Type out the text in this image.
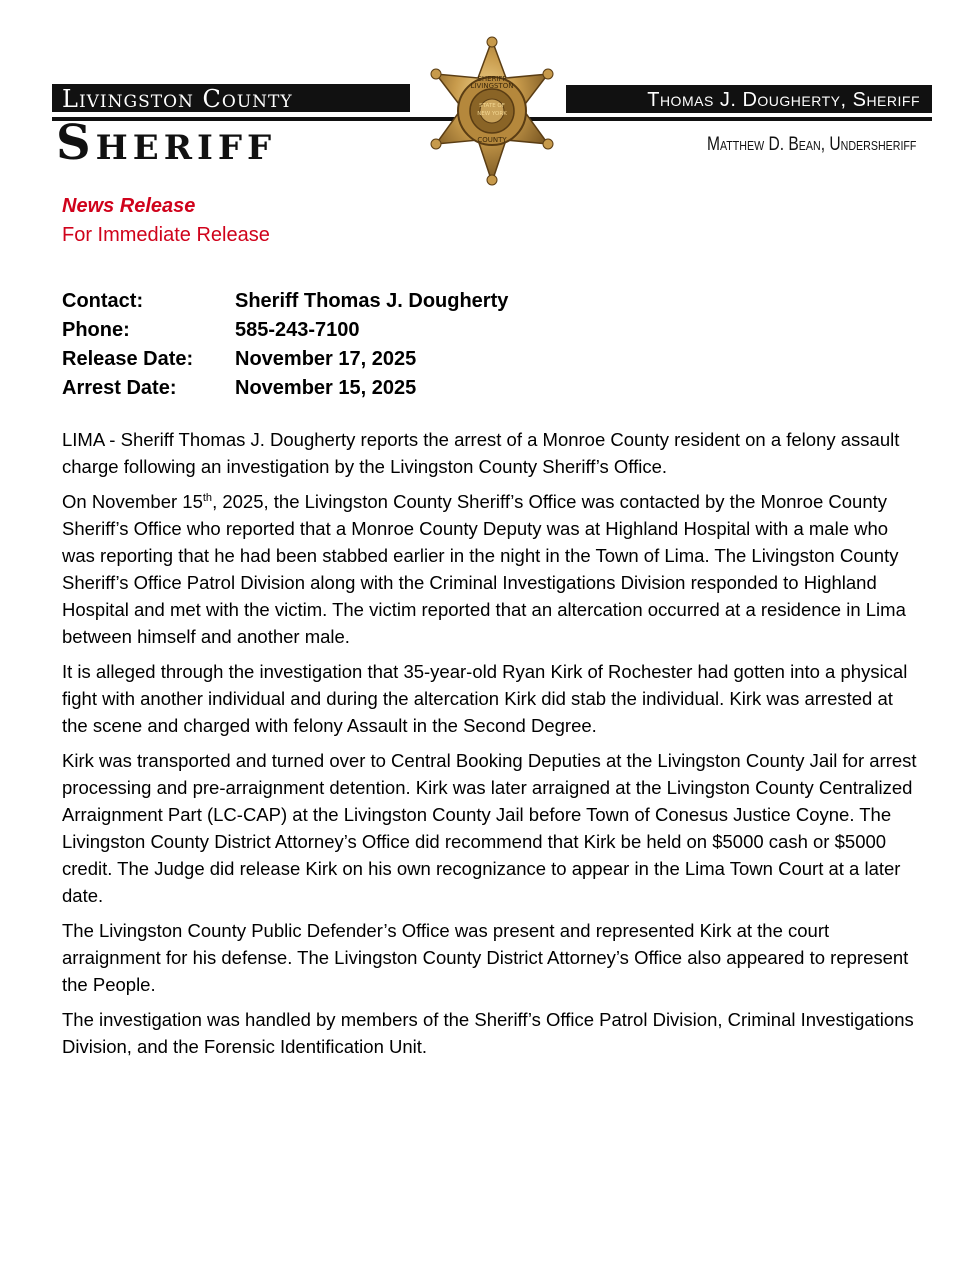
Livingston County
Sheriff
Thomas J. Dougherty, Sheriff
Matthew D. Bean, Undersheriff
SHERIFF
LIVINGSTON
STATE OF
NEW YORK
COUNTY
News Release
For Immediate Release
Contact:	Sheriff Thomas J. Dougherty
Phone:	585-243-7100
Release Date:	November 17, 2025
Arrest Date:	November 15, 2025

LIMA - Sheriff Thomas J. Dougherty reports the arrest of a Monroe County resident on a felony assault charge following an investigation by the Livingston County Sheriff’s Office.

On November 15th, 2025, the Livingston County Sheriff’s Office was contacted by the Monroe County Sheriff’s Office who reported that a Monroe County Deputy was at Highland Hospital with a male who was reporting that he had been stabbed earlier in the night in the Town of Lima. The Livingston County Sheriff’s Office Patrol Division along with the Criminal Investigations Division responded to Highland Hospital and met with the victim. The victim reported that an altercation occurred at a residence in Lima between himself and another male.

It is alleged through the investigation that 35-year-old Ryan Kirk of Rochester had gotten into a physical fight with another individual and during the altercation Kirk did stab the individual. Kirk was arrested at the scene and charged with felony Assault in the Second Degree.

Kirk was transported and turned over to Central Booking Deputies at the Livingston County Jail for arrest processing and pre-arraignment detention. Kirk was later arraigned at the Livingston County Centralized Arraignment Part (LC-CAP) at the Livingston County Jail before Town of Conesus Justice Coyne. The Livingston County District Attorney’s Office did recommend that Kirk be held on $5000 cash or $5000 credit. The Judge did release Kirk on his own recognizance to appear in the Lima Town Court at a later date.

The Livingston County Public Defender’s Office was present and represented Kirk at the court arraignment for his defense. The Livingston County District Attorney’s Office also appeared to represent the People.

The investigation was handled by members of the Sheriff’s Office Patrol Division, Criminal Investigations Division, and the Forensic Identification Unit.
